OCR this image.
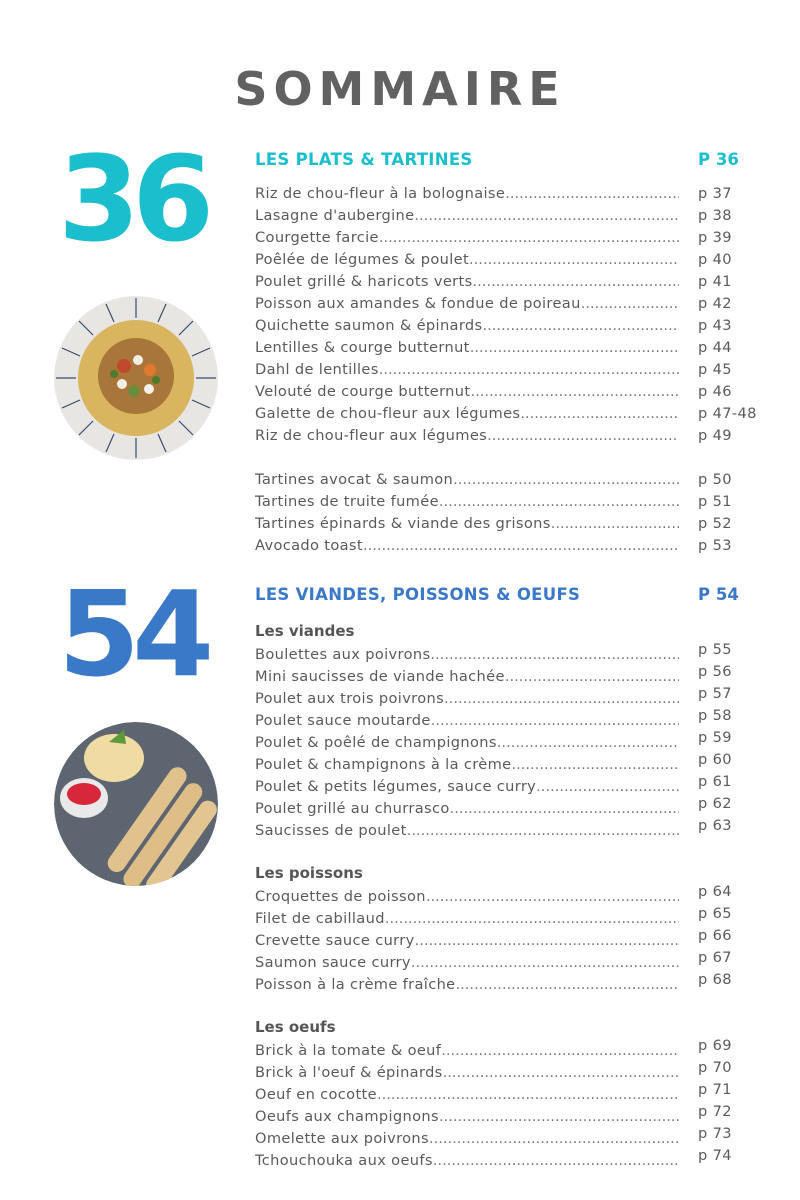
SOMMAIRE
36	LES PLATS & TARTINES	P 36
Riz de chou-fleur à la bolognaise .....	p 37
Lasagne d'aubergine .....	p 38
Courgette farcie .....	p 39
Poêlée de légumes & poulet .....	p 40
Poulet grillé & haricots verts .....	p 41
Poisson aux amandes & fondue de poireau .....	p 42
Quichette saumon & épinards .....	p 43
Lentilles & courge butternut .....	p 44
Dahl de lentilles .....	p 45
Velouté de courge butternut .....	p 46
Galette de chou-fleur aux légumes .....	p 47-48
Riz de chou-fleur aux légumes .....	p 49
Tartines avocat & saumon .....	p 50
Tartines de truite fumée .....	p 51
Tartines épinards & viande des grisons .....	p 52
Avocado toast .....	p 53
54	LES VIANDES, POISSONS & OEUFS	P 54
Les viandes
Boulettes aux poivrons .....	p 55
Mini saucisses de viande hachée .....	p 56
Poulet aux trois poivrons .....	p 57
Poulet sauce moutarde .....	p 58
Poulet & poêlé de champignons .....	p 59
Poulet & champignons à la crème .....	p 60
Poulet & petits légumes, sauce curry .....	p 61
Poulet grillé au churrasco .....	p 62
Saucisses de poulet .....	p 63
Les poissons
Croquettes de poisson .....	p 64
Filet de cabillaud .....	p 65
Crevette sauce curry .....	p 66
Saumon sauce curry .....	p 67
Poisson à la crème fraîche .....	p 68
Les oeufs
Brick à la tomate & oeuf .....	p 69
Brick à l'oeuf & épinards .....	p 70
Oeuf en cocotte .....	p 71
Oeufs aux champignons .....	p 72
Omelette aux poivrons .....	p 73
Tchouchouka aux oeufs .....	p 74
